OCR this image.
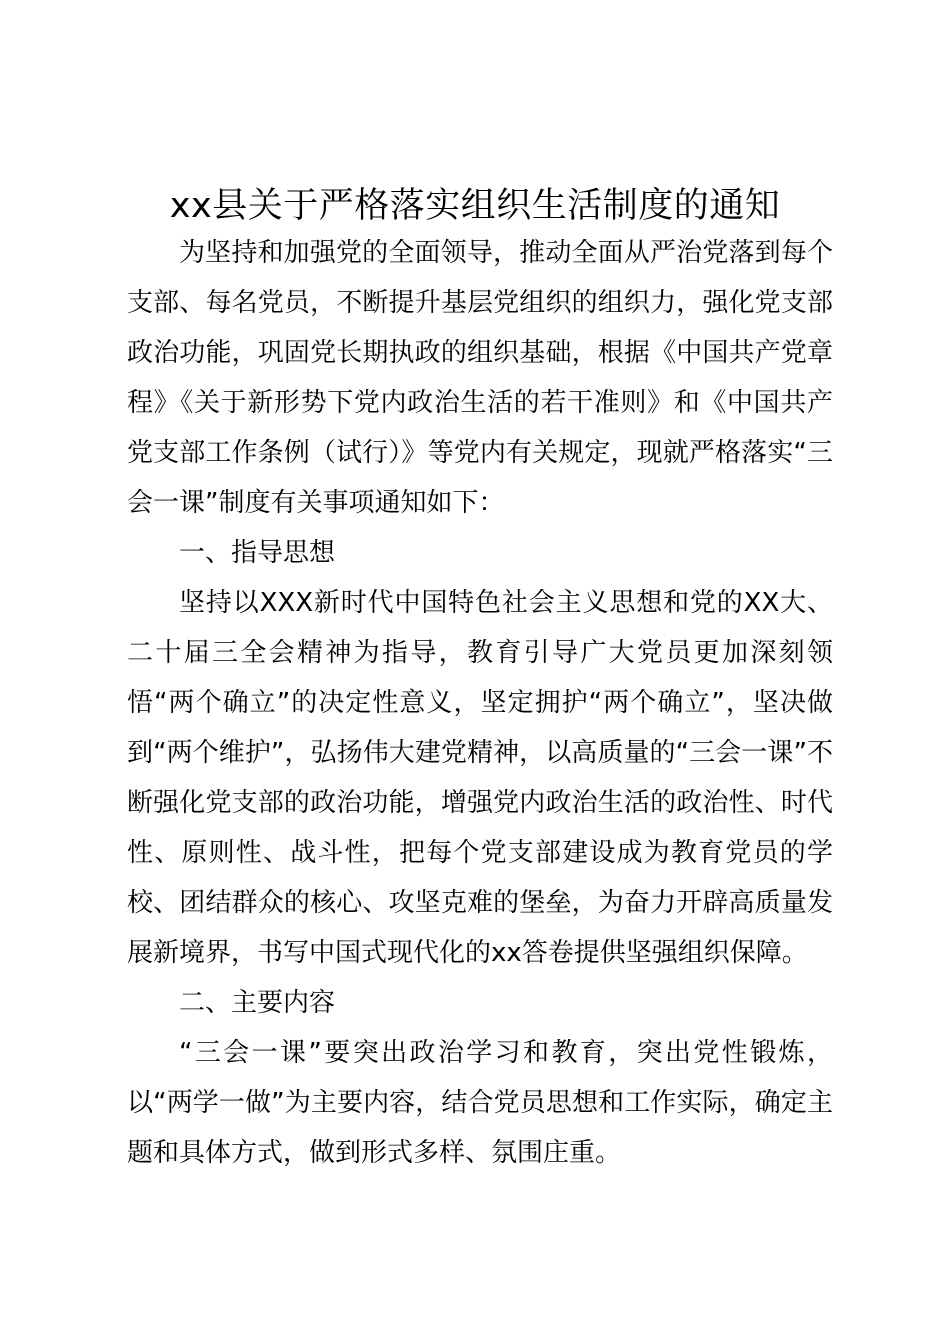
xx县关于严格落实组织生活制度的通知

为坚持和加强党的全面领导，推动全面从严治党落到每个支部、每名党员，不断提升基层党组织的组织力，强化党支部政治功能，巩固党长期执政的组织基础，根据《中国共产党章程》《关于新形势下党内政治生活的若干准则》和《中国共产党支部工作条例（试行）》等党内有关规定，现就严格落实“三会一课”制度有关事项通知如下：

一、指导思想

坚持以XXX新时代中国特色社会主义思想和党的XX大、二十届三全会精神为指导，教育引导广大党员更加深刻领悟“两个确立”的决定性意义，坚定拥护“两个确立”，坚决做到“两个维护”，弘扬伟大建党精神，以高质量的“三会一课”不断强化党支部的政治功能，增强党内政治生活的政治性、时代性、原则性、战斗性，把每个党支部建设成为教育党员的学校、团结群众的核心、攻坚克难的堡垒，为奋力开辟高质量发展新境界，书写中国式现代化的xx答卷提供坚强组织保障。

二、主要内容

“三会一课”要突出政治学习和教育，突出党性锻炼，以“两学一做”为主要内容，结合党员思想和工作实际，确定主题和具体方式，做到形式多样、氛围庄重。
